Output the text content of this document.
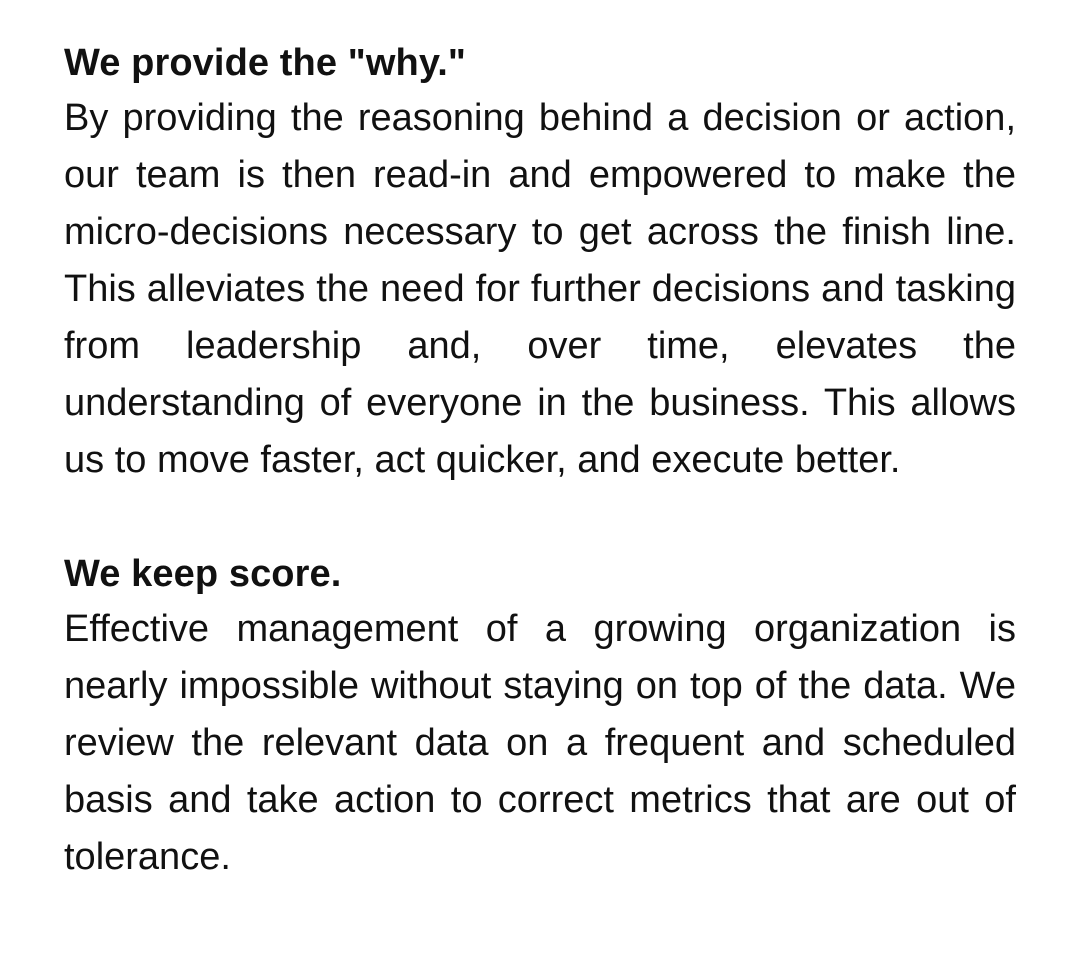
We provide the "why."

By providing the reasoning behind a decision or action, our team is then read-in and empowered to make the micro-decisions necessary to get across the finish line. This alleviates the need for further decisions and tasking from leadership and, over time, elevates the understanding of everyone in the business. This allows us to move faster, act quicker, and execute better.

We keep score.

Effective management of a growing organization is nearly impossible without staying on top of the data. We review the relevant data on a frequent and scheduled basis and take action to correct metrics that are out of tolerance.
